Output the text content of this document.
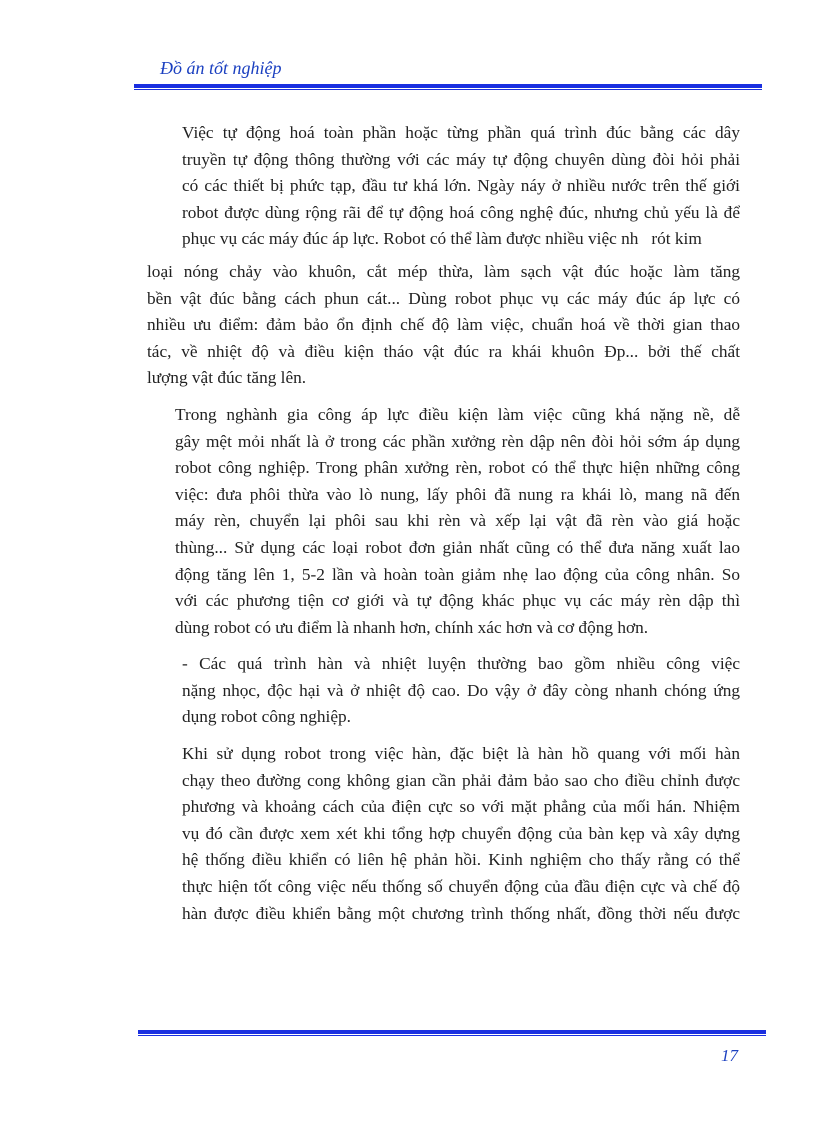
Đồ án tốt nghiệp

Việc tự động hoá toàn phần hoặc từng phần quá trình đúc bằng các dây
truyền tự động thông thường với các máy tự động chuyên dùng đòi hỏi phải
có các thiết bị phức tạp, đầu tư khá lớn. Ngày náy ở nhiều nước trên thế giới
robot được dùng rộng rãi để tự động hoá công nghệ đúc, nhưng chủ yếu là để
phục vụ các máy đúc áp lực. Robot có thể làm được nhiều việc nh   rót kim

loại nóng chảy vào khuôn, cắt mép thừa, làm sạch vật đúc hoặc làm tăng
bền vật đúc bằng cách phun cát... Dùng robot phục vụ các máy đúc áp lực có
nhiều ưu điểm: đảm bảo ổn định chế độ làm việc, chuẩn hoá về thời gian thao
tác, về nhiệt độ và điều kiện tháo vật đúc ra khái khuôn Đp... bởi thế chất
lượng vật đúc tăng lên.

Trong nghành gia công áp lực điều kiện làm việc cũng khá nặng nề, dễ
gây mệt mỏi nhất là ở trong các phần xưởng rèn dập nên đòi hỏi sớm áp dụng
robot công nghiệp. Trong phân xưởng rèn, robot có thể thực hiện những công
việc: đưa phôi thừa vào lò nung, lấy phôi đã nung ra khái lò, mang nã đến
máy rèn, chuyển lại phôi sau khi rèn và xếp lại vật đã rèn vào giá hoặc
thùng... Sử dụng các loại robot đơn giản nhất cũng có thể đưa năng xuất lao
động tăng lên 1, 5-2 lần và hoàn toàn giảm nhẹ lao động của công nhân. So
với các phương tiện cơ giới và tự động khác phục vụ các máy rèn dập thì
dùng robot có ưu điểm là nhanh hơn, chính xác hơn và cơ động hơn.

- Các quá trình hàn và nhiệt luyện thường bao gồm nhiều công việc
nặng nhọc, độc hại và ở nhiệt độ cao. Do vậy ở đây còng nhanh chóng ứng
dụng robot công nghiệp.

Khi sử dụng robot trong việc hàn, đặc biệt là hàn hồ quang với mối hàn
chạy theo đường cong không gian cần phải đảm bảo sao cho điều chỉnh được
phương và khoảng cách của điện cực so với mặt phẳng của mối hán. Nhiệm
vụ đó cần được xem xét khi tổng hợp chuyển động của bàn kẹp và xây dựng
hệ thống điều khiển có liên hệ phản hồi. Kinh nghiệm cho thấy rằng có thể
thực hiện tốt công việc nếu thống số chuyển động của đầu điện cực và chế độ
hàn được điều khiển bằng một chương trình thống nhất, đồng thời nếu được

17
